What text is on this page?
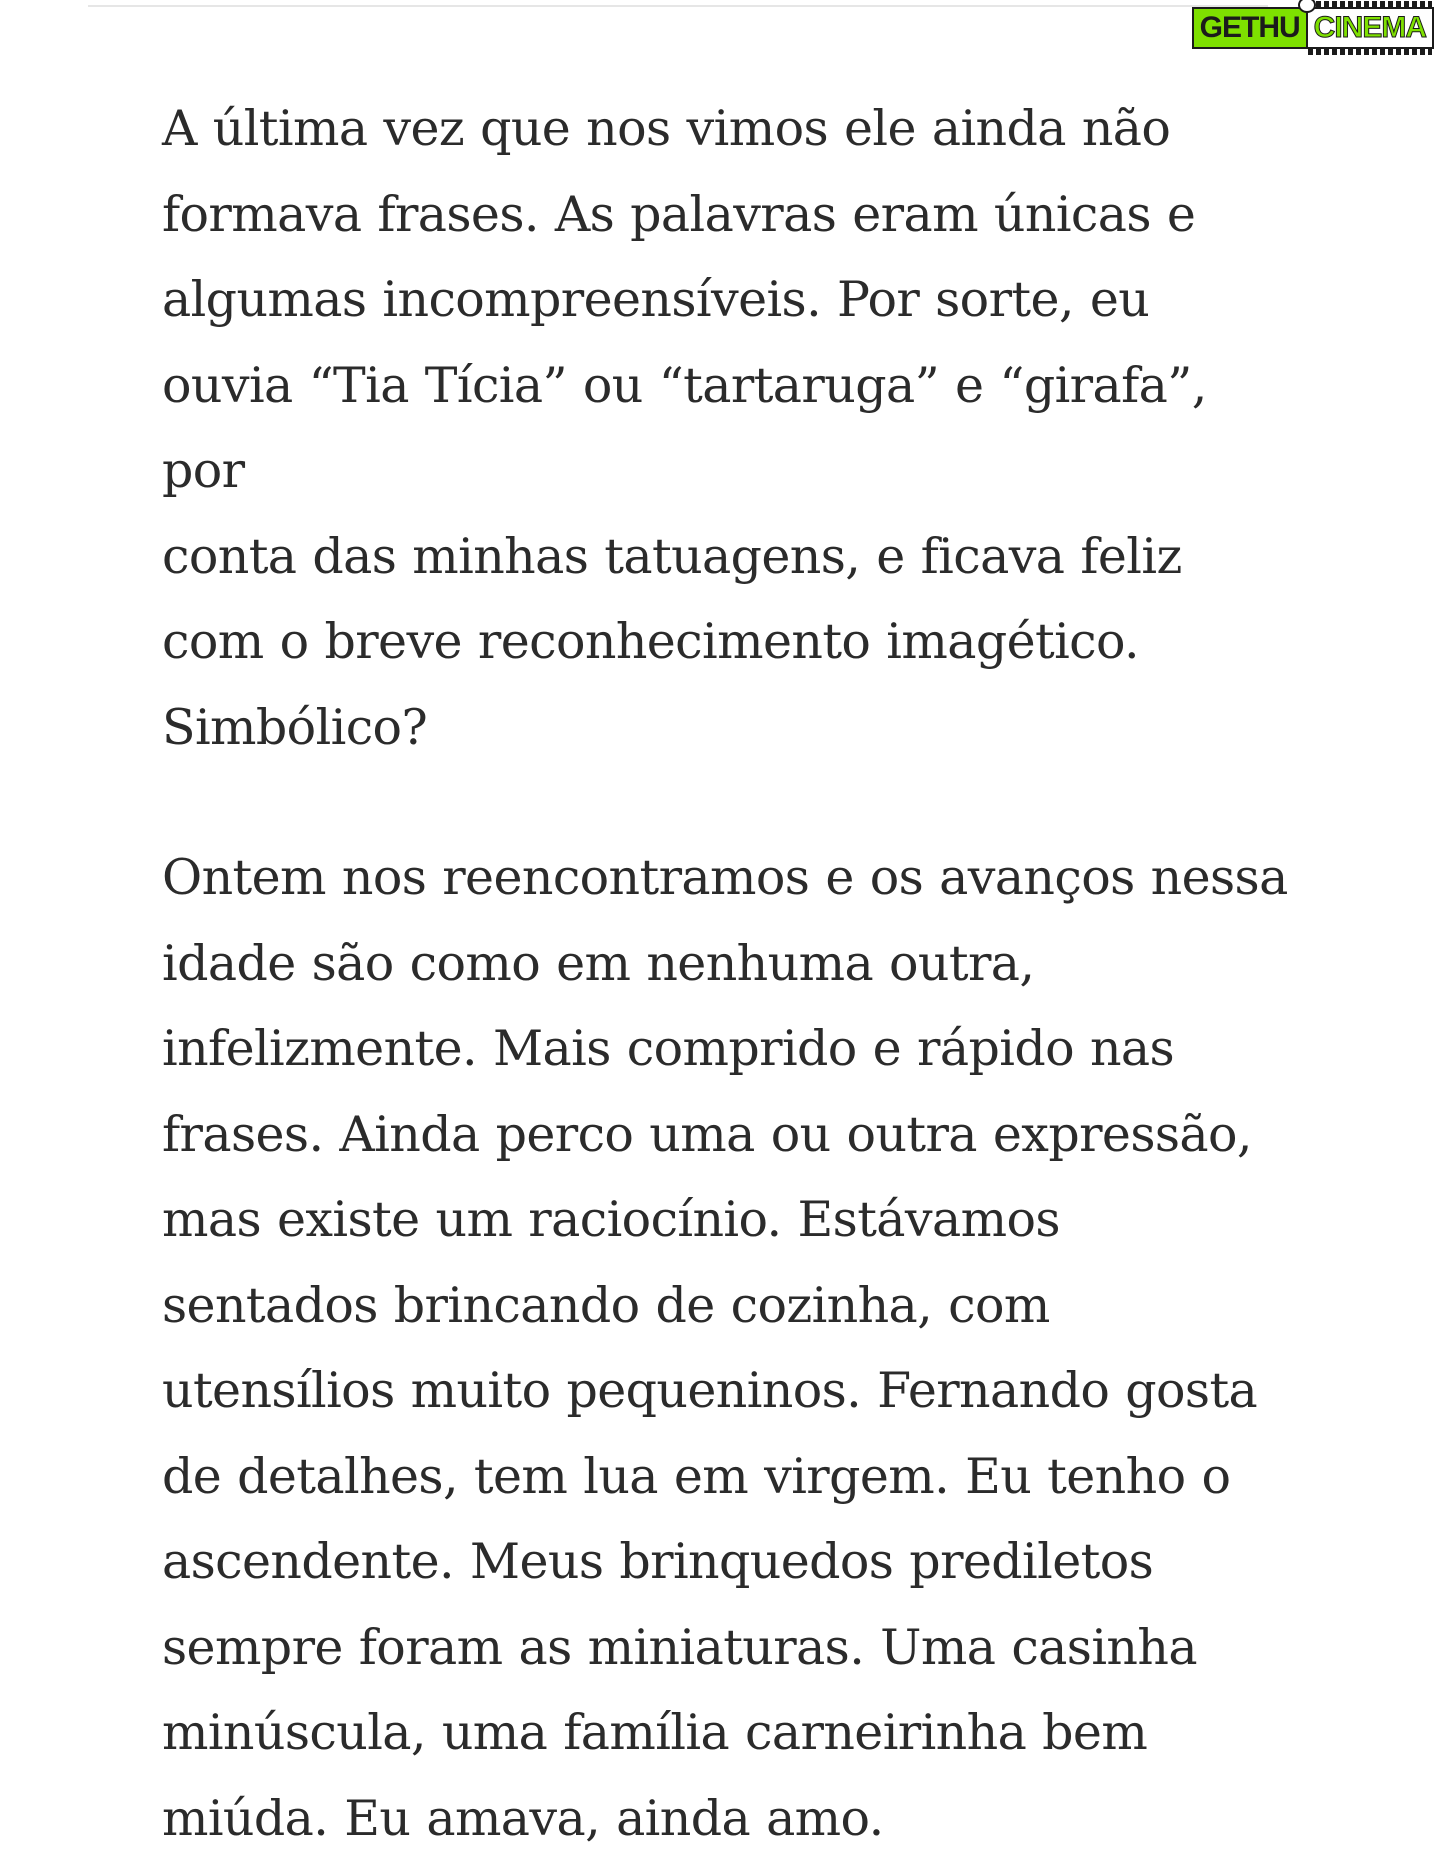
GETHU CINEMA

A última vez que nos vimos ele ainda não
formava frases. As palavras eram únicas e
algumas incompreensíveis. Por sorte, eu
ouvia “Tia Tícia” ou “tartaruga” e “girafa”, por
conta das minhas tatuagens, e ficava feliz
com o breve reconhecimento imagético.
Simbólico?

Ontem nos reencontramos e os avanços nessa
idade são como em nenhuma outra,
infelizmente. Mais comprido e rápido nas
frases. Ainda perco uma ou outra expressão,
mas existe um raciocínio. Estávamos
sentados brincando de cozinha, com
utensílios muito pequeninos. Fernando gosta
de detalhes, tem lua em virgem. Eu tenho o
ascendente. Meus brinquedos prediletos
sempre foram as miniaturas. Uma casinha
minúscula, uma família carneirinha bem
miúda. Eu amava, ainda amo.
